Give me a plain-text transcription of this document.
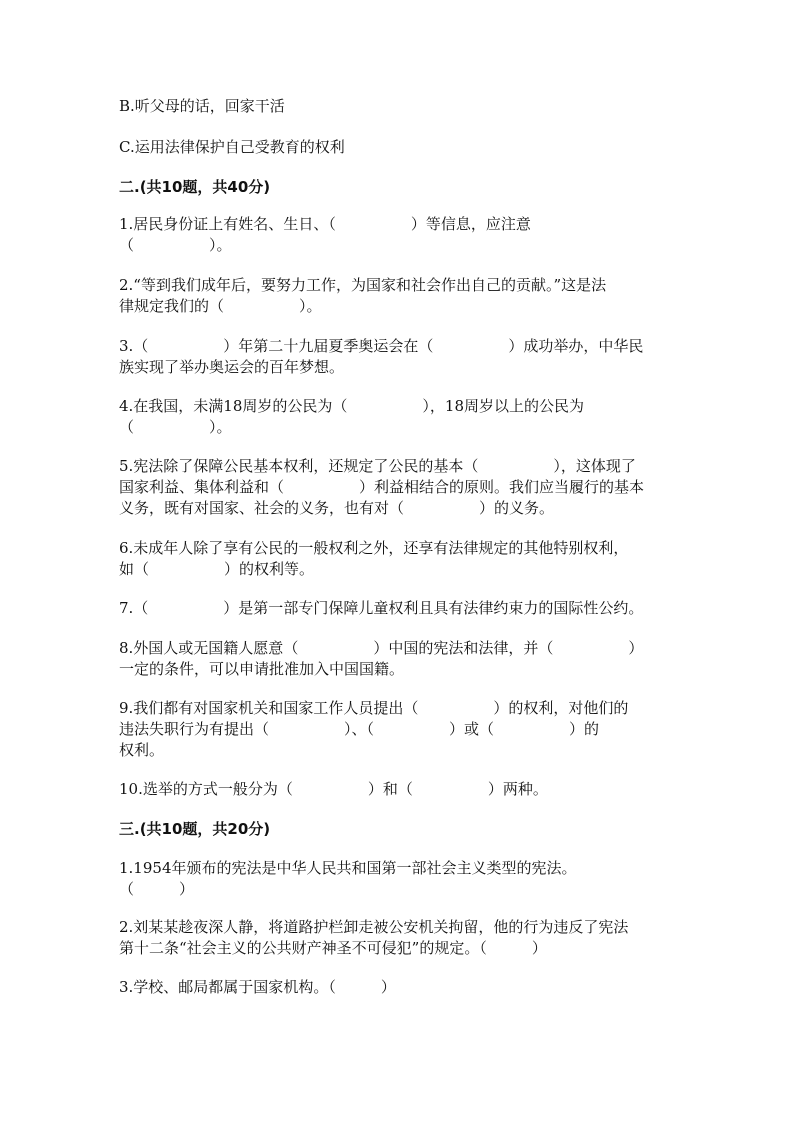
B.听父母的话，回家干活
C.运用法律保护自己受教育的权利
二.(共10题，共40分)
1.居民身份证上有姓名、生日、（　　　　　）等信息，应注意
（　　　　　）。
2.“等到我们成年后，要努力工作，为国家和社会作出自己的贡献。”这是法
律规定我们的（　　　　　）。
3.（　　　　　）年第二十九届夏季奥运会在（　　　　　）成功举办，中华民
族实现了举办奥运会的百年梦想。
4.在我国，未满18周岁的公民为（　　　　　），18周岁以上的公民为
（　　　　　）。
5.宪法除了保障公民基本权利，还规定了公民的基本（　　　　　），这体现了
国家利益、集体利益和（　　　　　）利益相结合的原则。我们应当履行的基本
义务，既有对国家、社会的义务，也有对（　　　　　）的义务。
6.未成年人除了享有公民的一般权利之外，还享有法律规定的其他特别权利，
如（　　　　　）的权利等。
7.（　　　　　）是第一部专门保障儿童权利且具有法律约束力的国际性公约。
8.外国人或无国籍人愿意（　　　　　）中国的宪法和法律，并（　　　　　）
一定的条件，可以申请批准加入中国国籍。
9.我们都有对国家机关和国家工作人员提出（　　　　　）的权利，对他们的
违法失职行为有提出（　　　　　）、（　　　　　）或（　　　　　）的
权利。
10.选举的方式一般分为（　　　　　）和（　　　　　）两种。
三.(共10题，共20分)
1.1954年颁布的宪法是中华人民共和国第一部社会主义类型的宪法。
（　　　）
2.刘某某趁夜深人静，将道路护栏卸走被公安机关拘留，他的行为违反了宪法
第十二条“社会主义的公共财产神圣不可侵犯”的规定。（　　　）
3.学校、邮局都属于国家机构。（　　　）
